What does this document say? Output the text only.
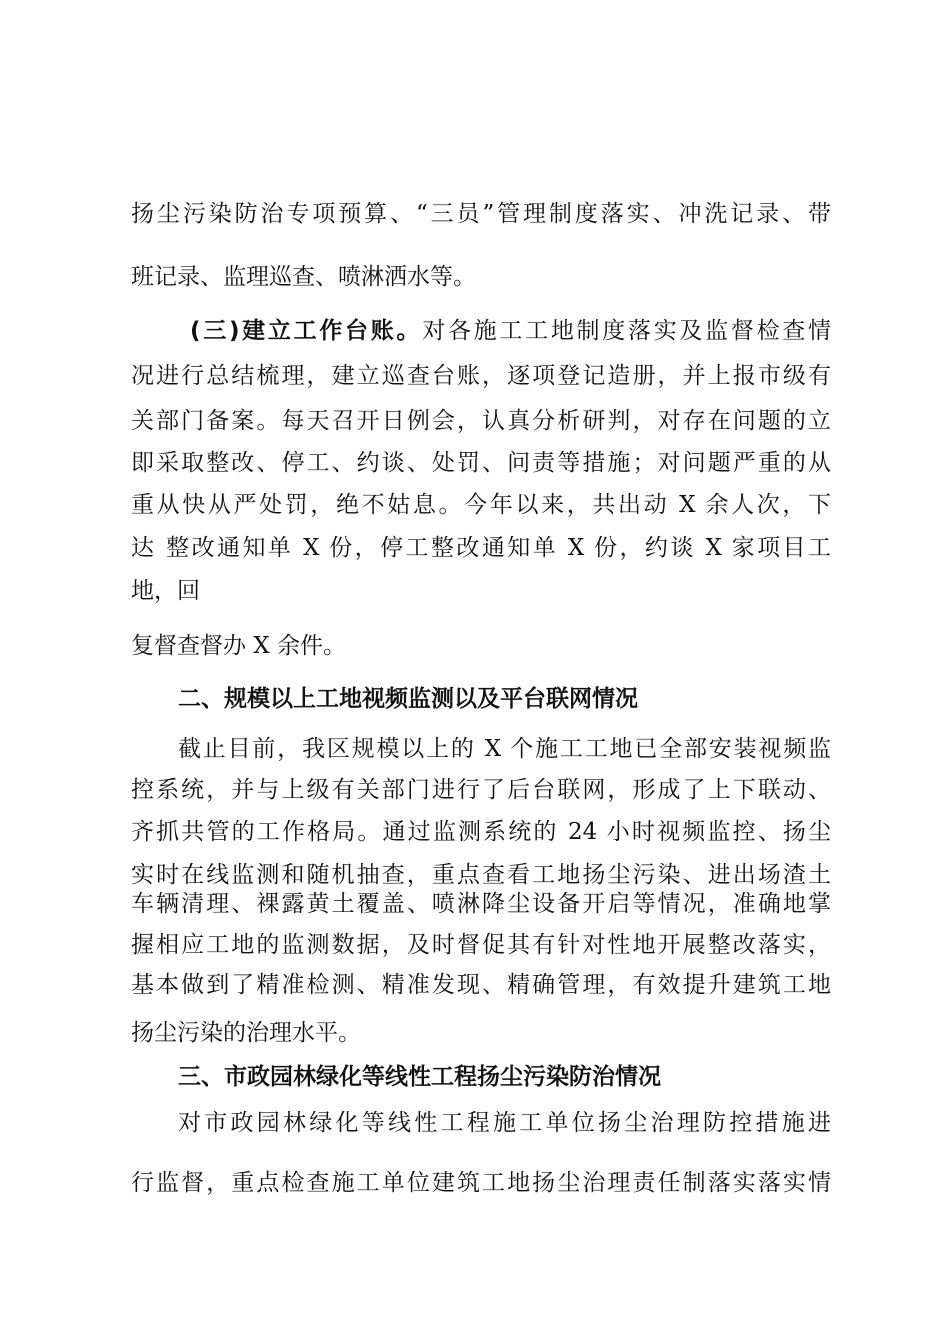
扬尘污染防治专项预算、“三员”管理制度落实、冲洗记录、带
班记录、监理巡查、喷淋洒水等。
(三)建立工作台账。对各施工工地制度落实及监督检查情
况进行总结梳理，建立巡查台账，逐项登记造册，并上报市级有
关部门备案。每天召开日例会，认真分析研判，对存在问题的立
即采取整改、停工、约谈、处罚、问责等措施；对问题严重的从
重从快从严处罚，绝不姑息。今年以来，共出动 X 余人次，下
达 整改通知单 X 份，停工整改通知单 X 份，约谈 X 家项目工
地，回
复督查督办 X 余件。
二、规模以上工地视频监测以及平台联网情况
截止目前，我区规模以上的 X 个施工工地已全部安装视频监
控系统，并与上级有关部门进行了后台联网，形成了上下联动、
齐抓共管的工作格局。通过监测系统的 24 小时视频监控、扬尘
实时在线监测和随机抽查，重点查看工地扬尘污染、进出场渣土
车辆清理、裸露黄土覆盖、喷淋降尘设备开启等情况，准确地掌
握相应工地的监测数据，及时督促其有针对性地开展整改落实，
基本做到了精准检测、精准发现、精确管理，有效提升建筑工地
扬尘污染的治理水平。
三、市政园林绿化等线性工程扬尘污染防治情况
对市政园林绿化等线性工程施工单位扬尘治理防控措施进
行监督，重点检查施工单位建筑工地扬尘治理责任制落实落实情
